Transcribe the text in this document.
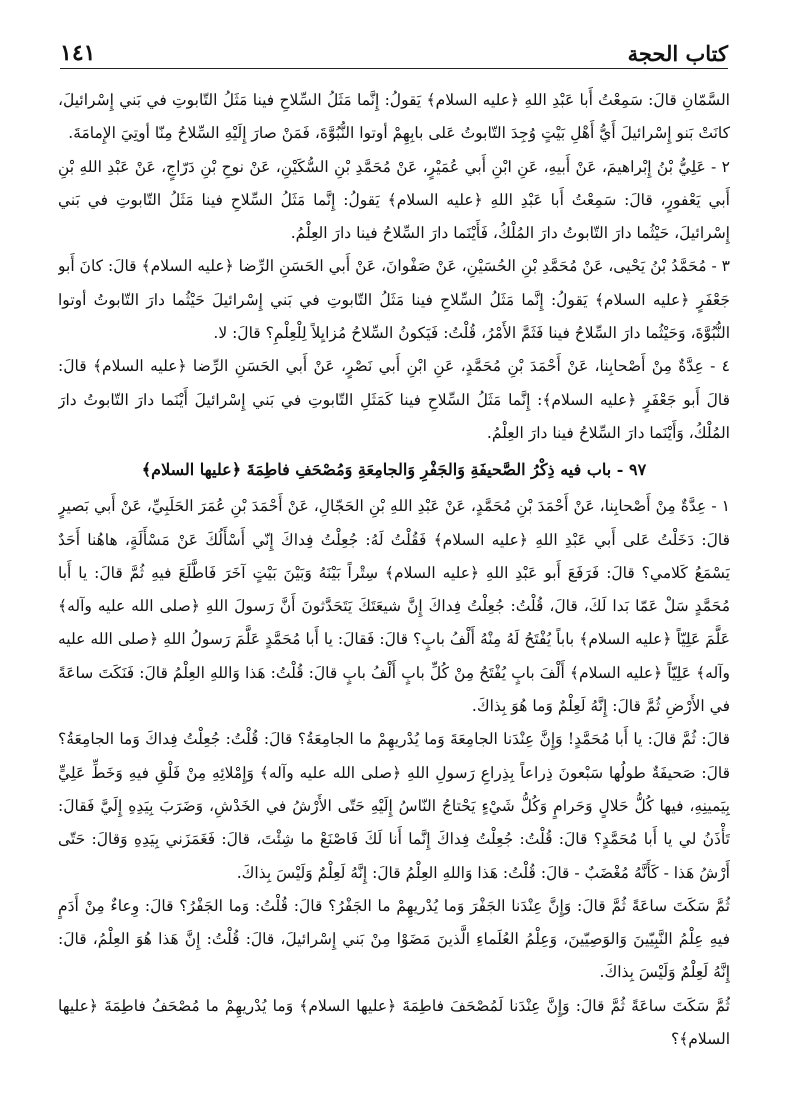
كتاب الحجة
١٤١

السَّمّانِ قالَ: سَمِعْتُ أَبا عَبْدِ اللهِ ﴿عليه السلام﴾ يَقولُ: إِنَّما مَثَلُ السِّلاحِ فينا مَثَلُ التّابوتِ في بَني إِسْرائيلَ، كانَتْ بَنو إِسْرائيلَ أَيُّ أَهْلِ بَيْتٍ وُجِدَ التّابوتُ عَلى بابِهِمْ أوتوا النُّبُوَّةَ، فَمَنْ صارَ إِلَيْهِ السِّلاحُ مِنّا أوتِيَ الإِمامَةَ.

٢ - عَلِيُّ بْنُ إِبْراهيمَ، عَنْ أَبيهِ، عَنِ ابْنِ أَبي عُمَيْرٍ، عَنْ مُحَمَّدِ بْنِ السُّكَيْنِ، عَنْ نوحِ بْنِ دَرّاجٍ، عَنْ عَبْدِ اللهِ بْنِ أَبي يَعْفورٍ، قالَ: سَمِعْتُ أَبا عَبْدِ اللهِ ﴿عليه السلام﴾ يَقولُ: إِنَّما مَثَلُ السِّلاحِ فينا مَثَلُ التّابوتِ في بَني إِسْرائيلَ، حَيْثُما دارَ التّابوتُ دارَ المُلْكُ، فَأَيْنَما دارَ السِّلاحُ فينا دارَ العِلْمُ.

٣ - مُحَمَّدُ بْنُ يَحْيى، عَنْ مُحَمَّدِ بْنِ الحُسَيْنِ، عَنْ صَفْوانَ، عَنْ أَبي الحَسَنِ الرِّضا ﴿عليه السلام﴾ قالَ: كانَ أَبو جَعْفَرٍ ﴿عليه السلام﴾ يَقولُ: إِنَّما مَثَلُ السِّلاحِ فينا مَثَلُ التّابوتِ في بَني إِسْرائيلَ حَيْثُما دارَ التّابوتُ أوتوا النُّبُوَّةَ، وَحَيْثُما دارَ السِّلاحُ فينا فَثَمَّ الأَمْرُ، قُلْتُ: فَيَكونُ السِّلاحُ مُزايِلاً لِلْعِلْمِ؟ قالَ: لا.

٤ - عِدَّةٌ مِنْ أَصْحابِنا، عَنْ أَحْمَدَ بْنِ مُحَمَّدٍ، عَنِ ابْنِ أَبي نَصْرٍ، عَنْ أَبي الحَسَنِ الرِّضا ﴿عليه السلام﴾ قالَ: قالَ أَبو جَعْفَرٍ ﴿عليه السلام﴾: إِنَّما مَثَلُ السِّلاحِ فينا كَمَثَلِ التّابوتِ في بَني إِسْرائيلَ أَيْنَما دارَ التّابوتُ دارَ المُلْكُ، وَأَيْنَما دارَ السِّلاحُ فينا دارَ العِلْمُ.

٩٧ - باب فيه ذِكْرُ الصَّحيفَةِ وَالجَفْرِ وَالجامِعَةِ وَمُصْحَفِ فاطِمَةَ ﴿عليها السلام﴾

١ - عِدَّةٌ مِنْ أَصْحابِنا، عَنْ أَحْمَدَ بْنِ مُحَمَّدٍ، عَنْ عَبْدِ اللهِ بْنِ الحَجّالِ، عَنْ أَحْمَدَ بْنِ عُمَرَ الحَلَبِيِّ، عَنْ أَبي بَصيرٍ قالَ: دَخَلْتُ عَلى أَبي عَبْدِ اللهِ ﴿عليه السلام﴾ فَقُلْتُ لَهُ: جُعِلْتُ فِداكَ إِنّي أَسْأَلُكَ عَنْ مَسْأَلَةٍ، هاهُنا أَحَدٌ يَسْمَعُ كَلامي؟ قالَ: فَرَفَعَ أَبو عَبْدِ اللهِ ﴿عليه السلام﴾ سِتْراً بَيْنَهُ وَبَيْنَ بَيْتٍ آخَرَ فَاطَّلَعَ فيهِ ثُمَّ قالَ: يا أَبا مُحَمَّدٍ سَلْ عَمّا بَدا لَكَ، قالَ، قُلْتُ: جُعِلْتُ فِداكَ إِنَّ شيعَتَكَ يَتَحَدَّثونَ أَنَّ رَسولَ اللهِ ﴿صلى الله عليه وآله﴾ عَلَّمَ عَلِيّاً ﴿عليه السلام﴾ باباً يُفْتَحُ لَهُ مِنْهُ أَلْفُ بابٍ؟ قالَ: فَقالَ: يا أَبا مُحَمَّدٍ عَلَّمَ رَسولُ اللهِ ﴿صلى الله عليه وآله﴾ عَلِيّاً ﴿عليه السلام﴾ أَلْفَ بابٍ يُفْتَحُ مِنْ كُلِّ بابٍ أَلْفُ بابٍ قالَ: قُلْتُ: هَذا وَاللهِ العِلْمُ قالَ: فَنَكَتَ ساعَةً في الأَرْضِ ثُمَّ قالَ: إِنَّهُ لَعِلْمٌ وَما هُوَ بِذاكَ.

قالَ: ثُمَّ قالَ: يا أَبا مُحَمَّدٍ! وَإِنَّ عِنْدَنا الجامِعَةَ وَما يُدْريهِمْ ما الجامِعَةُ؟ قالَ: قُلْتُ: جُعِلْتُ فِداكَ وَما الجامِعَةُ؟ قالَ: صَحيفَةٌ طولُها سَبْعونَ ذِراعاً بِذِراعِ رَسولِ اللهِ ﴿صلى الله عليه وآله﴾ وَإِمْلائِهِ مِنْ فَلْقِ فيهِ وَخَطِّ عَلِيٍّ بِيَمينِهِ، فيها كُلُّ حَلالٍ وَحَرامٍ وَكُلُّ شَيْءٍ يَحْتاجُ النّاسُ إِلَيْهِ حَتّى الأَرْشُ في الخَدْشِ، وَضَرَبَ بِيَدِهِ إِلَيَّ فَقالَ: تَأْذَنُ لي يا أَبا مُحَمَّدٍ؟ قالَ: قُلْتُ: جُعِلْتُ فِداكَ إِنَّما أَنا لَكَ فَاصْنَعْ ما شِئْتَ، قالَ: فَغَمَزَني بِيَدِهِ وَقالَ: حَتّى أَرْشُ هَذا - كَأَنَّهُ مُغْضَبٌ - قالَ: قُلْتُ: هَذا وَاللهِ العِلْمُ قالَ: إِنَّهُ لَعِلْمٌ وَلَيْسَ بِذاكَ.

ثُمَّ سَكَتَ ساعَةً ثُمَّ قالَ: وَإِنَّ عِنْدَنا الجَفْرَ وَما يُدْريهِمْ ما الجَفْرُ؟ قالَ: قُلْتُ: وَما الجَفْرُ؟ قالَ: وِعاءٌ مِنْ أَدَمٍ فيهِ عِلْمُ النَّبِيّينَ وَالوَصِيّينَ، وَعِلْمُ العُلَماءِ الَّذينَ مَضَوْا مِنْ بَني إِسْرائيلَ، قالَ: قُلْتُ: إِنَّ هَذا هُوَ العِلْمُ، قالَ: إِنَّهُ لَعِلْمٌ وَلَيْسَ بِذاكَ.

ثُمَّ سَكَتَ ساعَةً ثُمَّ قالَ: وَإِنَّ عِنْدَنا لَمُصْحَفَ فاطِمَةَ ﴿عليها السلام﴾ وَما يُدْريهِمْ ما مُصْحَفُ فاطِمَةَ ﴿عليها السلام﴾؟
